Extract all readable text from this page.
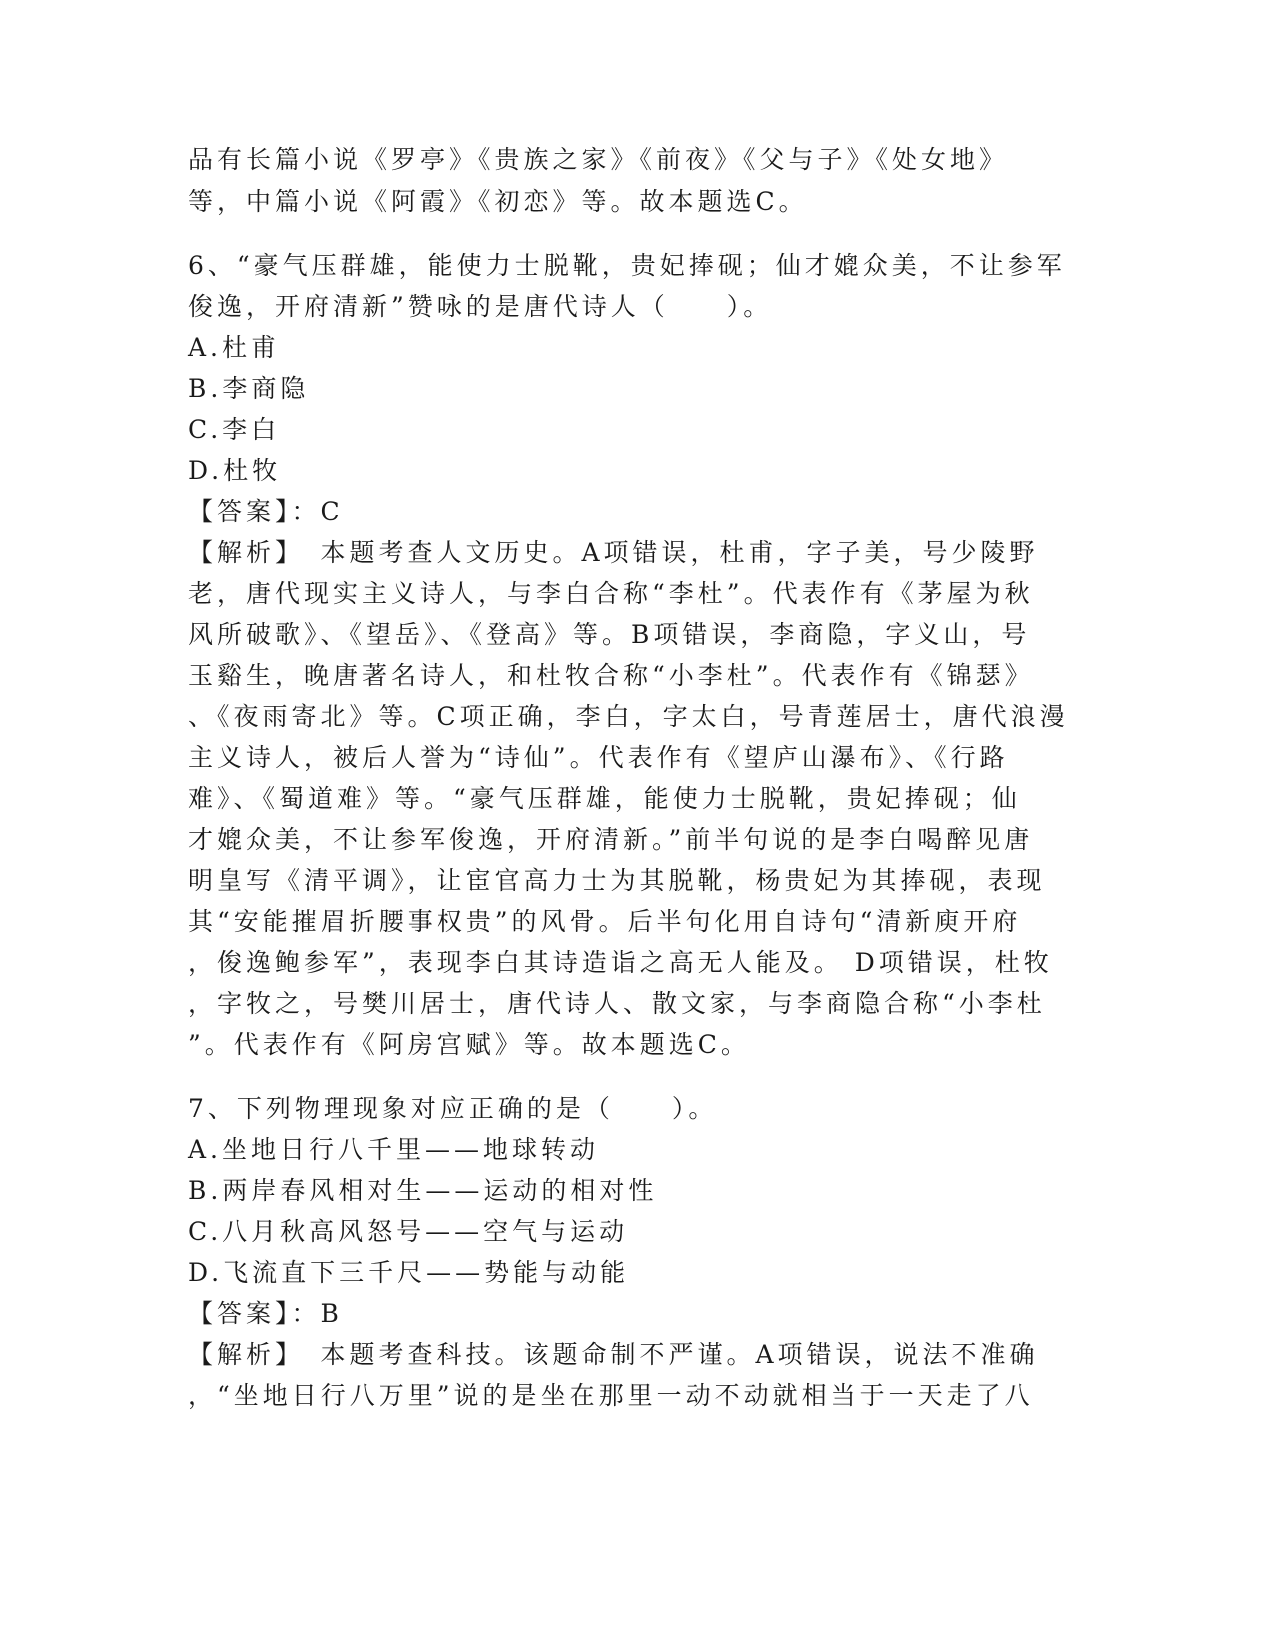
品有长篇小说《罗亭》《贵族之家》《前夜》《父与子》《处女地》
等，中篇小说《阿霞》《初恋》等。故本题选C。
6、“豪气压群雄，能使力士脱靴，贵妃捧砚；仙才媲众美，不让参军
俊逸，开府清新”赞咏的是唐代诗人（　　）。
A.杜甫
B.李商隐
C.李白
D.杜牧
【答案】：C
【解析】　本题考查人文历史。A项错误，杜甫，字子美，号少陵野
老，唐代现实主义诗人，与李白合称“李杜”。代表作有《茅屋为秋
风所破歌》、《望岳》、《登高》等。B项错误，李商隐，字义山，号
玉谿生，晚唐著名诗人，和杜牧合称“小李杜”。代表作有《锦瑟》
、《夜雨寄北》等。C项正确，李白，字太白，号青莲居士，唐代浪漫
主义诗人，被后人誉为“诗仙”。代表作有《望庐山瀑布》、《行路
难》、《蜀道难》等。“豪气压群雄，能使力士脱靴，贵妃捧砚；仙
才媲众美，不让参军俊逸，开府清新。”前半句说的是李白喝醉见唐
明皇写《清平调》，让宦官高力士为其脱靴，杨贵妃为其捧砚，表现
其“安能摧眉折腰事权贵”的风骨。后半句化用自诗句“清新庾开府
，俊逸鲍参军”，表现李白其诗造诣之高无人能及。 D项错误，杜牧
，字牧之，号樊川居士，唐代诗人、散文家，与李商隐合称“小李杜
”。代表作有《阿房宫赋》等。故本题选C。
7、下列物理现象对应正确的是（　　）。
A.坐地日行八千里——地球转动
B.两岸春风相对生——运动的相对性
C.八月秋高风怒号——空气与运动
D.飞流直下三千尺——势能与动能
【答案】：B
【解析】　本题考查科技。该题命制不严谨。A项错误，说法不准确
，“坐地日行八万里”说的是坐在那里一动不动就相当于一天走了八
